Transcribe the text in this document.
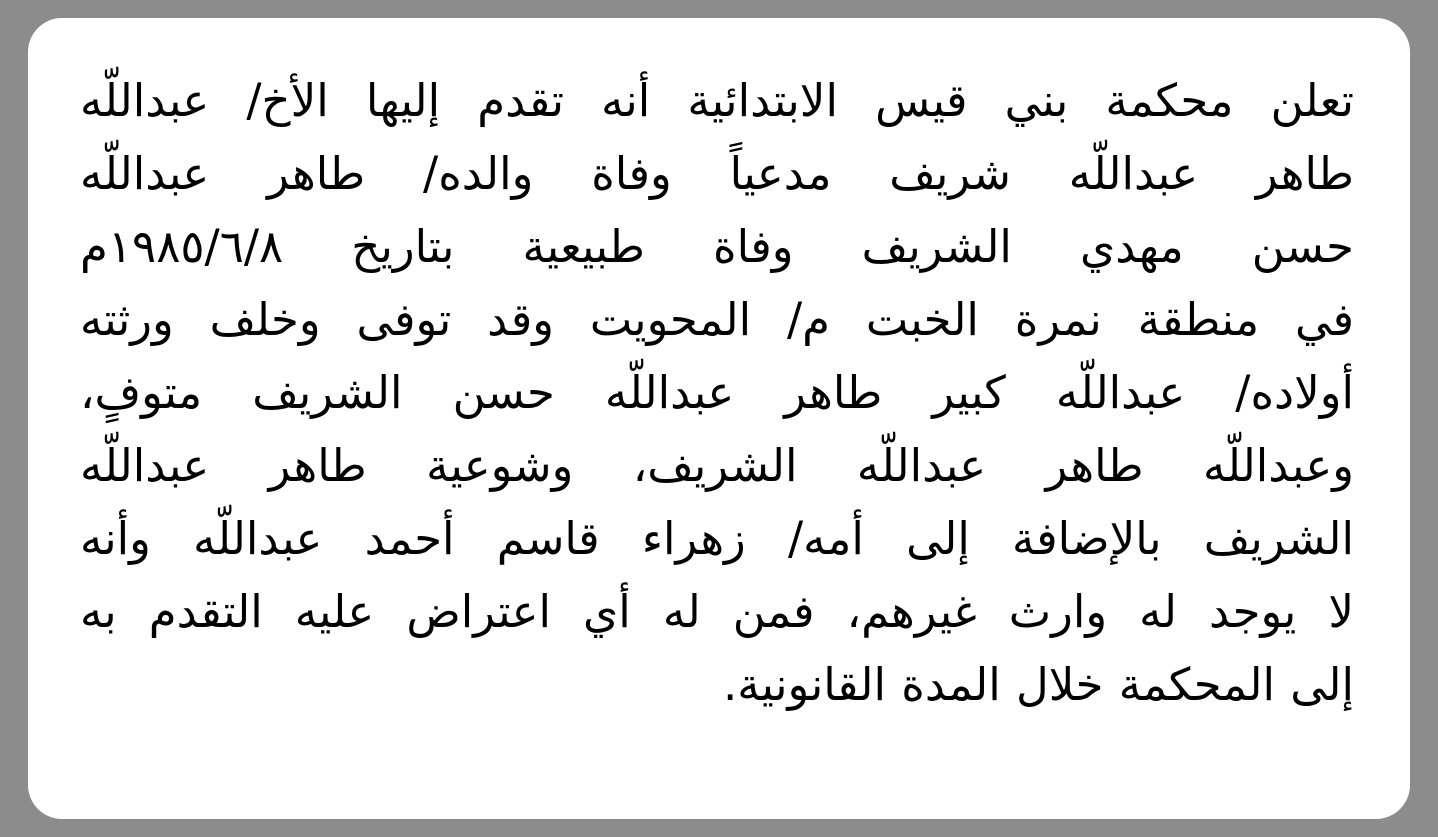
تعلن محكمة بني قيس الابتدائية أنه تقدم إليها الأخ/ عبداللّه
طاهر عبداللّه شريف مدعياً وفاة والده/ طاهر عبداللّه
حسن مهدي الشريف وفاة طبيعية بتاريخ ١٩٨٥/٦/٨م
في منطقة نمرة الخبت م/ المحويت وقد توفى وخلف ورثته
أولاده/ عبداللّه كبير طاهر عبداللّه حسن الشريف متوفٍ،
وعبداللّه طاهر عبداللّه الشريف، وشوعية طاهر عبداللّه
الشريف بالإضافة إلى أمه/ زهراء قاسم أحمد عبداللّه وأنه
لا يوجد له وارث غيرهم، فمن له أي اعتراض عليه التقدم به
إلى المحكمة خلال المدة القانونية.
